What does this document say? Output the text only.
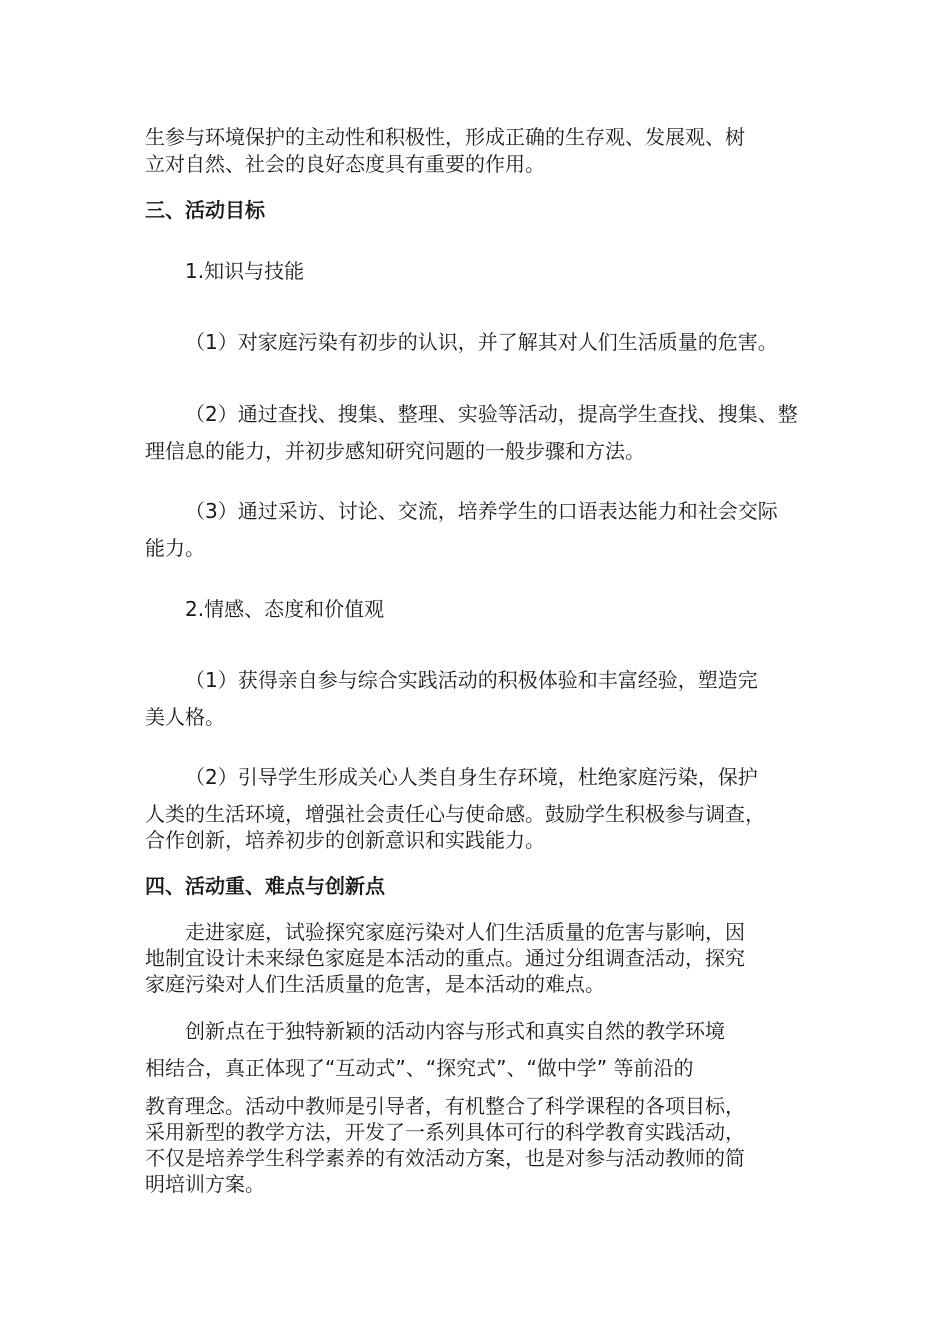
生参与环境保护的主动性和积极性，形成正确的生存观、发展观、树
立对自然、社会的良好态度具有重要的作用。
三、活动目标
1.知识与技能
（1）对家庭污染有初步的认识，并了解其对人们生活质量的危害。
（2）通过查找、搜集、整理、实验等活动，提高学生查找、搜集、整
理信息的能力，并初步感知研究问题的一般步骤和方法。
（3）通过采访、讨论、交流，培养学生的口语表达能力和社会交际
能力。
2.情感、态度和价值观
（1）获得亲自参与综合实践活动的积极体验和丰富经验，塑造完
美人格。
（2）引导学生形成关心人类自身生存环境，杜绝家庭污染，保护
人类的生活环境，增强社会责任心与使命感。鼓励学生积极参与调查，
合作创新，培养初步的创新意识和实践能力。
四、活动重、难点与创新点
走进家庭，试验探究家庭污染对人们生活质量的危害与影响，因
地制宜设计未来绿色家庭是本活动的重点。通过分组调查活动，探究
家庭污染对人们生活质量的危害，是本活动的难点。
创新点在于独特新颖的活动内容与形式和真实自然的教学环境
相结合，真正体现了“互动式”、“探究式”、“做中学” 等前沿的
教育理念。活动中教师是引导者，有机整合了科学课程的各项目标，
采用新型的教学方法，开发了一系列具体可行的科学教育实践活动，
不仅是培养学生科学素养的有效活动方案，也是对参与活动教师的简
明培训方案。
